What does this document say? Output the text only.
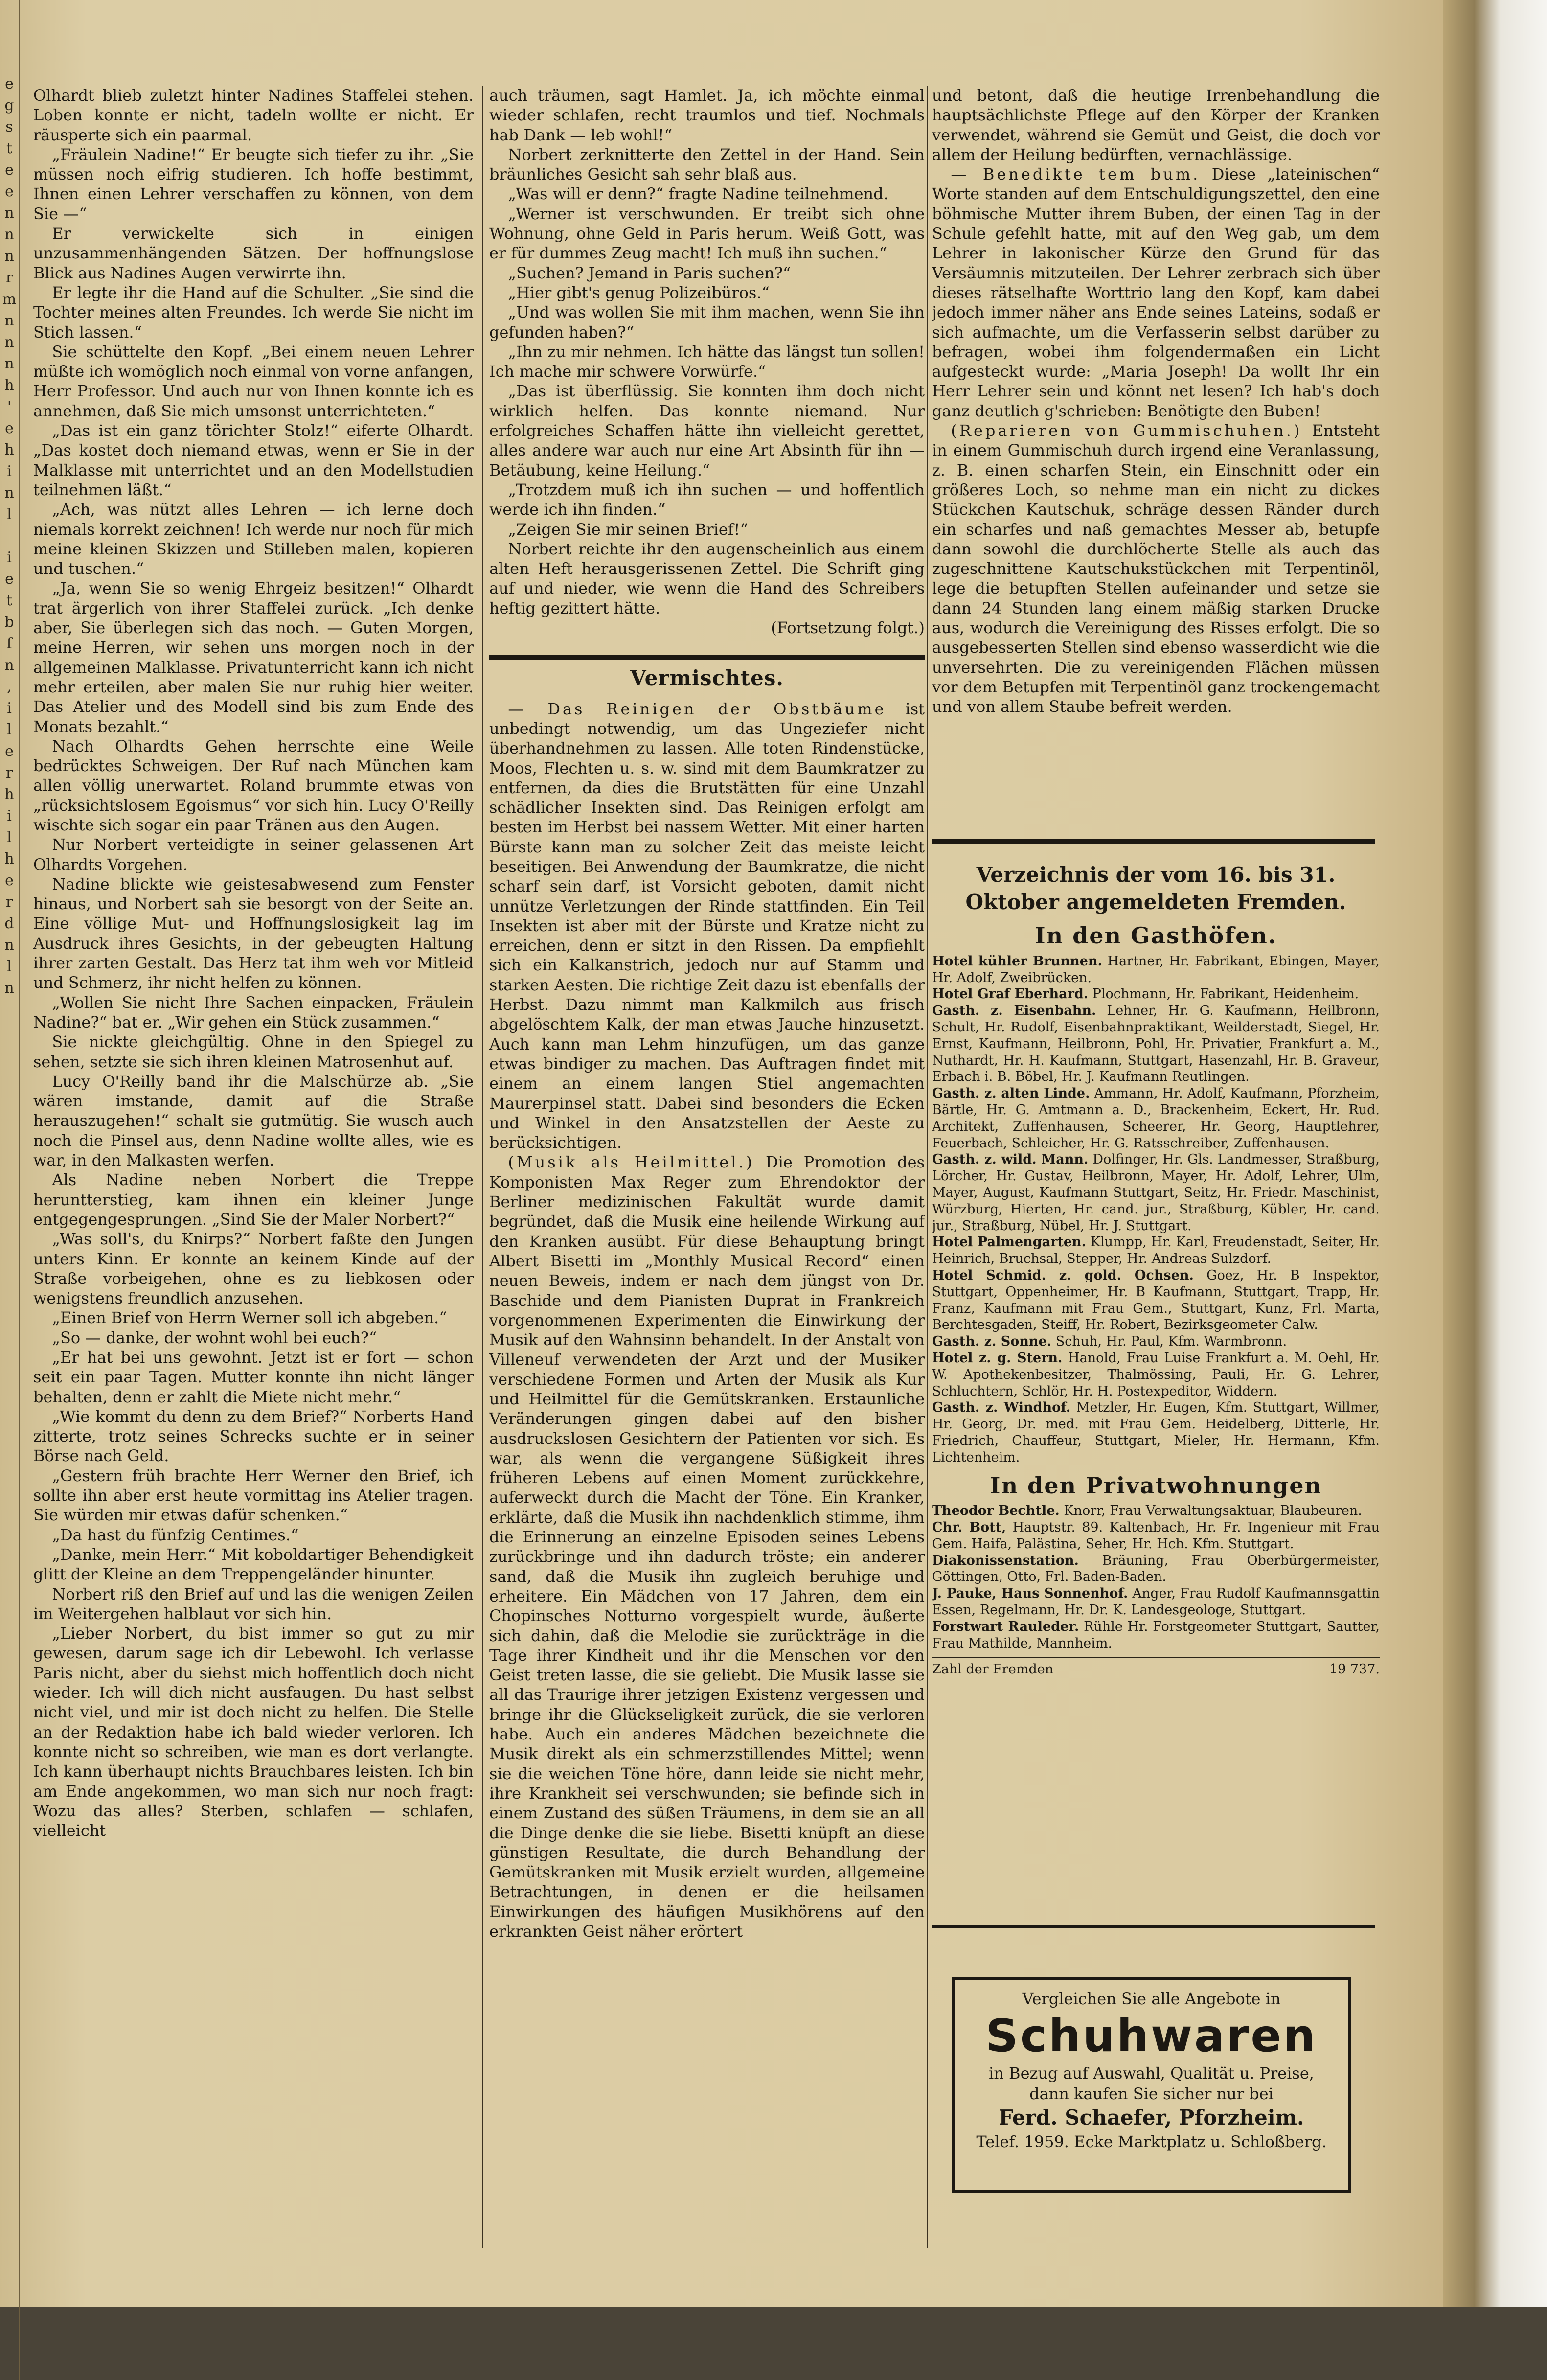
e
g
s
t
e
e
n
n
n
r
m
n
n
n
h
'
e
h
i
n
l

i
e
t
b
f
n
,
i
l
e
r
h
i
l
h
e
r
d
n
l
n

Olhardt blieb zuletzt hinter Nadines Staffelei stehen. Loben konnte er nicht, tadeln wollte er nicht. Er räusperte sich ein paarmal.

„Fräulein Nadine!“ Er beugte sich tiefer zu ihr. „Sie müssen noch eifrig studieren. Ich hoffe bestimmt, Ihnen einen Lehrer verschaffen zu können, von dem Sie —“

Er verwickelte sich in einigen unzusammenhängenden Sätzen. Der hoffnungslose Blick aus Nadines Augen verwirrte ihn.

Er legte ihr die Hand auf die Schulter. „Sie sind die Tochter meines alten Freundes. Ich werde Sie nicht im Stich lassen.“

Sie schüttelte den Kopf. „Bei einem neuen Lehrer müßte ich womöglich noch einmal von vorne anfangen, Herr Professor. Und auch nur von Ihnen konnte ich es annehmen, daß Sie mich umsonst unterrichteten.“

„Das ist ein ganz törichter Stolz!“ eiferte Olhardt. „Das kostet doch niemand etwas, wenn er Sie in der Malklasse mit unterrichtet und an den Modellstudien teilnehmen läßt.“

„Ach, was nützt alles Lehren — ich lerne doch niemals korrekt zeichnen! Ich werde nur noch für mich meine kleinen Skizzen und Stilleben malen, kopieren und tuschen.“

„Ja, wenn Sie so wenig Ehrgeiz besitzen!“ Olhardt trat ärgerlich von ihrer Staffelei zurück. „Ich denke aber, Sie überlegen sich das noch. — Guten Morgen, meine Herren, wir sehen uns morgen noch in der allgemeinen Malklasse. Privatunterricht kann ich nicht mehr erteilen, aber malen Sie nur ruhig hier weiter. Das Atelier und des Modell sind bis zum Ende des Monats bezahlt.“

Nach Olhardts Gehen herrschte eine Weile bedrücktes Schweigen. Der Ruf nach München kam allen völlig unerwartet. Roland brummte etwas von „rücksichtslosem Egoismus“ vor sich hin. Lucy O'Reilly wischte sich sogar ein paar Tränen aus den Augen.

Nur Norbert verteidigte in seiner gelassenen Art Olhardts Vorgehen.

Nadine blickte wie geistesabwesend zum Fenster hinaus, und Norbert sah sie besorgt von der Seite an. Eine völlige Mut- und Hoffnungslosigkeit lag im Ausdruck ihres Gesichts, in der gebeugten Haltung ihrer zarten Gestalt. Das Herz tat ihm weh vor Mitleid und Schmerz, ihr nicht helfen zu können.

„Wollen Sie nicht Ihre Sachen einpacken, Fräulein Nadine?“ bat er. „Wir gehen ein Stück zusammen.“

Sie nickte gleichgültig. Ohne in den Spiegel zu sehen, setzte sie sich ihren kleinen Matrosenhut auf.

Lucy O'Reilly band ihr die Malschürze ab. „Sie wären imstande, damit auf die Straße herauszugehen!“ schalt sie gutmütig. Sie wusch auch noch die Pinsel aus, denn Nadine wollte alles, wie es war, in den Malkasten werfen.

Als Nadine neben Norbert die Treppe heruntterstieg, kam ihnen ein kleiner Junge entgegengesprungen. „Sind Sie der Maler Norbert?“

„Was soll's, du Knirps?“ Norbert faßte den Jungen unters Kinn. Er konnte an keinem Kinde auf der Straße vorbeigehen, ohne es zu liebkosen oder wenigstens freundlich anzusehen.

„Einen Brief von Herrn Werner soll ich abgeben.“

„So — danke, der wohnt wohl bei euch?“

„Er hat bei uns gewohnt. Jetzt ist er fort — schon seit ein paar Tagen. Mutter konnte ihn nicht länger behalten, denn er zahlt die Miete nicht mehr.“

„Wie kommt du denn zu dem Brief?“ Norberts Hand zitterte, trotz seines Schrecks suchte er in seiner Börse nach Geld.

„Gestern früh brachte Herr Werner den Brief, ich sollte ihn aber erst heute vormittag ins Atelier tragen. Sie würden mir etwas dafür schenken.“

„Da hast du fünfzig Centimes.“

„Danke, mein Herr.“ Mit koboldartiger Behendigkeit glitt der Kleine an dem Treppengeländer hinunter.

Norbert riß den Brief auf und las die wenigen Zeilen im Weitergehen halblaut vor sich hin.

„Lieber Norbert, du bist immer so gut zu mir gewesen, darum sage ich dir Lebewohl. Ich verlasse Paris nicht, aber du siehst mich hoffentlich doch nicht wieder. Ich will dich nicht ausfaugen. Du hast selbst nicht viel, und mir ist doch nicht zu helfen. Die Stelle an der Redaktion habe ich bald wieder verloren. Ich konnte nicht so schreiben, wie man es dort verlangte. Ich kann überhaupt nichts Brauchbares leisten. Ich bin am Ende angekommen, wo man sich nur noch fragt: Wozu das alles? Sterben, schlafen — schlafen, vielleicht

auch träumen, sagt Hamlet. Ja, ich möchte einmal wieder schlafen, recht traumlos und tief. Nochmals hab Dank — leb wohl!“

Norbert zerknitterte den Zettel in der Hand. Sein bräunliches Gesicht sah sehr blaß aus.

„Was will er denn?“ fragte Nadine teilnehmend.

„Werner ist verschwunden. Er treibt sich ohne Wohnung, ohne Geld in Paris herum. Weiß Gott, was er für dummes Zeug macht! Ich muß ihn suchen.“

„Suchen? Jemand in Paris suchen?“

„Hier gibt's genug Polizeibüros.“

„Und was wollen Sie mit ihm machen, wenn Sie ihn gefunden haben?“

„Ihn zu mir nehmen. Ich hätte das längst tun sollen! Ich mache mir schwere Vorwürfe.“

„Das ist überflüssig. Sie konnten ihm doch nicht wirklich helfen. Das konnte niemand. Nur erfolgreiches Schaffen hätte ihn vielleicht gerettet, alles andere war auch nur eine Art Absinth für ihn — Betäubung, keine Heilung.“

„Trotzdem muß ich ihn suchen — und hoffentlich werde ich ihn finden.“

„Zeigen Sie mir seinen Brief!“

Norbert reichte ihr den augenscheinlich aus einem alten Heft herausgerissenen Zettel. Die Schrift ging auf und nieder, wie wenn die Hand des Schreibers heftig gezittert hätte.

(Fortsetzung folgt.)

Vermischtes.

— Das Reinigen der Obstbäume ist unbedingt notwendig, um das Ungeziefer nicht überhandnehmen zu lassen. Alle toten Rindenstücke, Moos, Flechten u. s. w. sind mit dem Baumkratzer zu entfernen, da dies die Brutstätten für eine Unzahl schädlicher Insekten sind. Das Reinigen erfolgt am besten im Herbst bei nassem Wetter. Mit einer harten Bürste kann man zu solcher Zeit das meiste leicht beseitigen. Bei Anwendung der Baumkratze, die nicht scharf sein darf, ist Vorsicht geboten, damit nicht unnütze Verletzungen der Rinde stattfinden. Ein Teil Insekten ist aber mit der Bürste und Kratze nicht zu erreichen, denn er sitzt in den Rissen. Da empfiehlt sich ein Kalkanstrich, jedoch nur auf Stamm und starken Aesten. Die richtige Zeit dazu ist ebenfalls der Herbst. Dazu nimmt man Kalkmilch aus frisch abgelöschtem Kalk, der man etwas Jauche hinzusetzt. Auch kann man Lehm hinzufügen, um das ganze etwas bindiger zu machen. Das Auftragen findet mit einem an einem langen Stiel angemachten Maurerpinsel statt. Dabei sind besonders die Ecken und Winkel in den Ansatzstellen der Aeste zu berücksichtigen.

(Musik als Heilmittel.) Die Promotion des Komponisten Max Reger zum Ehrendoktor der Berliner medizinischen Fakultät wurde damit begründet, daß die Musik eine heilende Wirkung auf den Kranken ausübt. Für diese Behauptung bringt Albert Bisetti im „Monthly Musical Record“ einen neuen Beweis, indem er nach dem jüngst von Dr. Baschide und dem Pianisten Duprat in Frankreich vorgenommenen Experimenten die Einwirkung der Musik auf den Wahnsinn behandelt. In der Anstalt von Villeneuf verwendeten der Arzt und der Musiker verschiedene Formen und Arten der Musik als Kur und Heilmittel für die Gemütskranken. Erstaunliche Veränderungen gingen dabei auf den bisher ausdruckslosen Gesichtern der Patienten vor sich. Es war, als wenn die vergangene Süßigkeit ihres früheren Lebens auf einen Moment zurückkehre, auferweckt durch die Macht der Töne. Ein Kranker, erklärte, daß die Musik ihn nachdenklich stimme, ihm die Erinnerung an einzelne Episoden seines Lebens zurückbringe und ihn dadurch tröste; ein anderer sand, daß die Musik ihn zugleich beruhige und erheitere. Ein Mädchen von 17 Jahren, dem ein Chopinsches Notturno vorgespielt wurde, äußerte sich dahin, daß die Melodie sie zurückträge in die Tage ihrer Kindheit und ihr die Menschen vor den Geist treten lasse, die sie geliebt. Die Musik lasse sie all das Traurige ihrer jetzigen Existenz vergessen und bringe ihr die Glückseligkeit zurück, die sie verloren habe. Auch ein anderes Mädchen bezeichnete die Musik direkt als ein schmerzstillendes Mittel; wenn sie die weichen Töne höre, dann leide sie nicht mehr, ihre Krankheit sei verschwunden; sie befinde sich in einem Zustand des süßen Träumens, in dem sie an all die Dinge denke die sie liebe. Bisetti knüpft an diese günstigen Resultate, die durch Behandlung der Gemütskranken mit Musik erzielt wurden, allgemeine Betrachtungen, in denen er die heilsamen Einwirkungen des häufigen Musikhörens auf den erkrankten Geist näher erörtert

und betont, daß die heutige Irrenbehandlung die hauptsächlichste Pflege auf den Körper der Kranken verwendet, während sie Gemüt und Geist, die doch vor allem der Heilung bedürften, vernachlässige.

— Benedikte tem bum. Diese „lateinischen“ Worte standen auf dem Entschuldigungszettel, den eine böhmische Mutter ihrem Buben, der einen Tag in der Schule gefehlt hatte, mit auf den Weg gab, um dem Lehrer in lakonischer Kürze den Grund für das Versäumnis mitzuteilen. Der Lehrer zerbrach sich über dieses rätselhafte Worttrio lang den Kopf, kam dabei jedoch immer näher ans Ende seines Lateins, sodaß er sich aufmachte, um die Verfasserin selbst darüber zu befragen, wobei ihm folgendermaßen ein Licht aufgesteckt wurde: „Maria Joseph! Da wollt Ihr ein Herr Lehrer sein und könnt net lesen? Ich hab's doch ganz deutlich g'schrieben: Benötigte den Buben!

(Reparieren von Gummischuhen.) Entsteht in einem Gummischuh durch irgend eine Veranlassung, z. B. einen scharfen Stein, ein Einschnitt oder ein größeres Loch, so nehme man ein nicht zu dickes Stückchen Kautschuk, schräge dessen Ränder durch ein scharfes und naß gemachtes Messer ab, betupfe dann sowohl die durchlöcherte Stelle als auch das zugeschnittene Kautschukstückchen mit Terpentinöl, lege die betupften Stellen aufeinander und setze sie dann 24 Stunden lang einem mäßig starken Drucke aus, wodurch die Vereinigung des Risses erfolgt. Die so ausgebesserten Stellen sind ebenso wasserdicht wie die unversehrten. Die zu vereinigenden Flächen müssen vor dem Betupfen mit Terpentinöl ganz trockengemacht und von allem Staube befreit werden.

Verzeichnis der vom 16. bis 31. Oktober angemeldeten Fremden.
In den Gasthöfen.

Hotel kühler Brunnen. Hartner, Hr. Fabrikant, Ebingen, Mayer, Hr. Adolf, Zweibrücken.

Hotel Graf Eberhard. Plochmann, Hr. Fabrikant, Heidenheim.

Gasth. z. Eisenbahn. Lehner, Hr. G. Kaufmann, Heilbronn, Schult, Hr. Rudolf, Eisenbahnpraktikant, Weilderstadt, Siegel, Hr. Ernst, Kaufmann, Heilbronn, Pohl, Hr. Privatier, Frankfurt a. M., Nuthardt, Hr. H. Kaufmann, Stuttgart, Hasenzahl, Hr. B. Graveur, Erbach i. B. Böbel, Hr. J. Kaufmann Reutlingen.

Gasth. z. alten Linde. Ammann, Hr. Adolf, Kaufmann, Pforzheim, Bärtle, Hr. G. Amtmann a. D., Brackenheim, Eckert, Hr. Rud. Architekt, Zuffenhausen, Scheerer, Hr. Georg, Hauptlehrer, Feuerbach, Schleicher, Hr. G. Ratsschreiber, Zuffenhausen.

Gasth. z. wild. Mann. Dolfinger, Hr. Gls. Landmesser, Straßburg, Lörcher, Hr. Gustav, Heilbronn, Mayer, Hr. Adolf, Lehrer, Ulm, Mayer, August, Kaufmann Stuttgart, Seitz, Hr. Friedr. Maschinist, Würzburg, Hierten, Hr. cand. jur., Straßburg, Kübler, Hr. cand. jur., Straßburg, Nübel, Hr. J. Stuttgart.

Hotel Palmengarten. Klumpp, Hr. Karl, Freudenstadt, Seiter, Hr. Heinrich, Bruchsal, Stepper, Hr. Andreas Sulzdorf.

Hotel Schmid. z. gold. Ochsen. Goez, Hr. B Inspektor, Stuttgart, Oppenheimer, Hr. B Kaufmann, Stuttgart, Trapp, Hr. Franz, Kaufmann mit Frau Gem., Stuttgart, Kunz, Frl. Marta, Berchtesgaden, Steiff, Hr. Robert, Bezirksgeometer Calw.

Gasth. z. Sonne. Schuh, Hr. Paul, Kfm. Warmbronn.

Hotel z. g. Stern. Hanold, Frau Luise Frankfurt a. M. Oehl, Hr. W. Apothekenbesitzer, Thalmössing, Pauli, Hr. G. Lehrer, Schluchtern, Schlör, Hr. H. Postexpeditor, Widdern.

Gasth. z. Windhof. Metzler, Hr. Eugen, Kfm. Stuttgart, Willmer, Hr. Georg, Dr. med. mit Frau Gem. Heidelberg, Ditterle, Hr. Friedrich, Chauffeur, Stuttgart, Mieler, Hr. Hermann, Kfm. Lichtenheim.

In den Privatwohnungen

Theodor Bechtle. Knorr, Frau Verwaltungsaktuar, Blaubeuren.

Chr. Bott, Hauptstr. 89. Kaltenbach, Hr. Fr. Ingenieur mit Frau Gem. Haifa, Palästina, Seher, Hr. Hch. Kfm. Stuttgart.

Diakonissenstation. Bräuning, Frau Oberbürgermeister, Göttingen, Otto, Frl. Baden-Baden.

J. Pauke, Haus Sonnenhof. Anger, Frau Rudolf Kaufmannsgattin Essen, Regelmann, Hr. Dr. K. Landesgeologe, Stuttgart.

Forstwart Rauleder. Rühle Hr. Forstgeometer Stuttgart, Sautter, Frau Mathilde, Mannheim.

Zahl der Fremden	19 737.
Vergleichen Sie alle Angebote in
Schuhwaren
in Bezug auf Auswahl, Qualität u. Preise,
dann kaufen Sie sicher nur bei
Ferd. Schaefer, Pforzheim.
Telef. 1959. Ecke Marktplatz u. Schloßberg.
